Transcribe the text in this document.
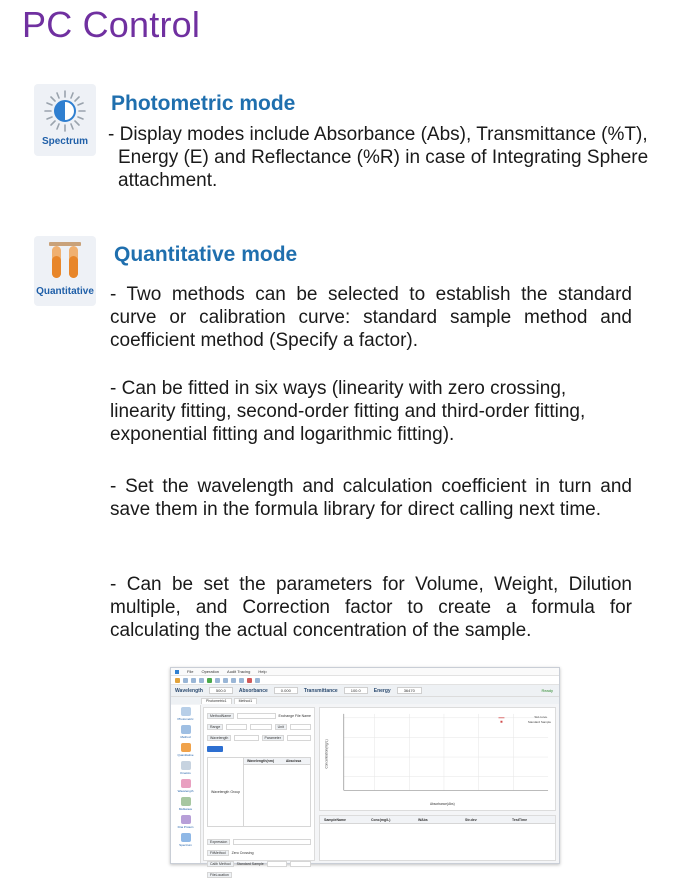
PC Control
Spectrum
Photometric mode
- Display modes include Absorbance (Abs), Transmittance (%T), Energy (E) and Reflectance (%R) in case of Integrating Sphere attachment.
Quantitative
Quantitative mode
- Two methods can be selected to establish the standard curve or calibration curve: standard sample method and coefficient method (Specify a factor).
- Can be fitted in six ways (linearity with zero crossing, linearity fitting, second-order fitting and third-order fitting, exponential fitting and logarithmic fitting).
- Set the wavelength and calculation coefficient in turn and save them in the formula library for direct calling next time.
- Can be set the parameters for Volume, Weight, Dilution multiple, and Correction factor to create a formula for calculating the actual concentration of the sample.
File Operation Audit Tracing Help
Wavelength	500.0	Absorbance	0.000	Transmittance	100.0	Energy	36470	Ready
Photometric1	Method1
Photometric
Method
Quantitative
Kinetics
Wavelength
Multiwave
Dna Protein
Spectrum
MethodName	Exchange File Name
Range	Unit
Wavelength	Parameter
Wavelength Group
Wavelength(nm)	Abscissa
Expression
FitMethod	Zero Crossing
Calib Method	Standard Sample
FileLocation
Std curve
Standard Sample
Concentration(mg/L)
Absorbance(Abs)
SampleName	Conc(mg/L)	WAbs	Str.dev	TestTime
